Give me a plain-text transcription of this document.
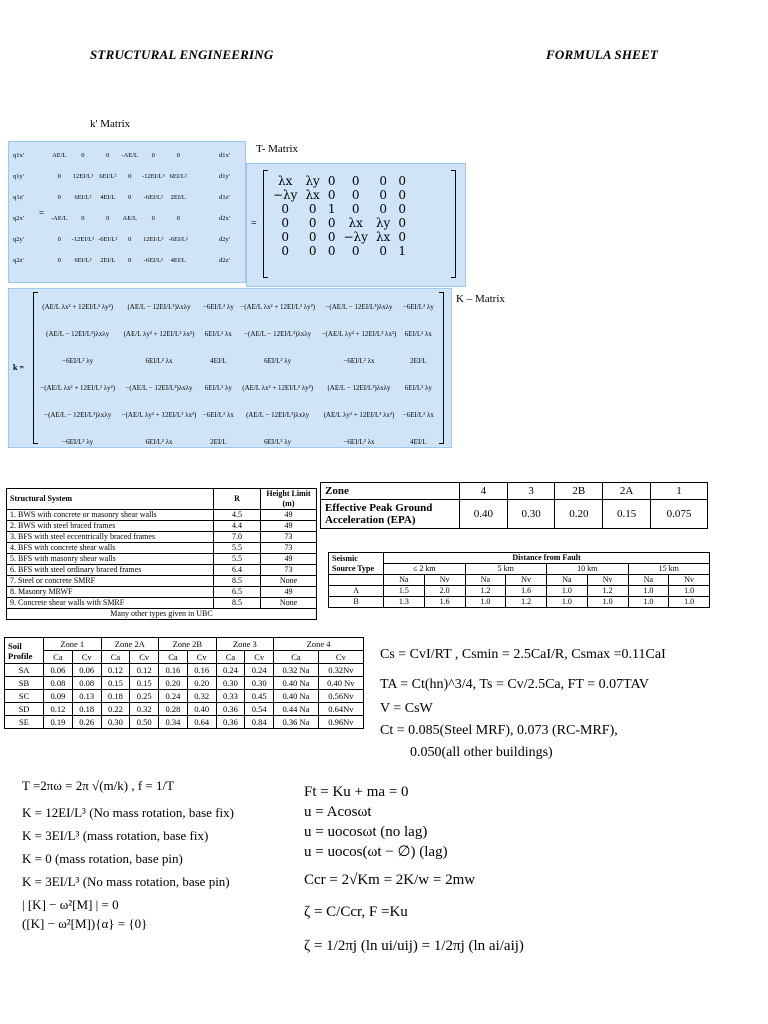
STRUCTURAL ENGINEERING	FORMULA SHEET
k' Matrix
q1x'
q1y'
q1z'
q2x'
q2y'
q2z'
=
AE/L	0	0	-AE/L	0	0
0	12EI/L³	6EI/L²	0	-12EI/L³	6EI/L²
0	6EI/L²	4EI/L	0	-6EI/L²	2EI/L
-AE/L	0	0	AE/L	0	0
0	-12EI/L³	-6EI/L²	0	12EI/L³	-6EI/L²
0	6EI/L²	2EI/L	0	-6EI/L²	4EI/L
d1x'
d1y'
d1z'
d2x'
d2y'
d2z'
T- Matrix
=
λx	λy	0	0	0	0
−λy	λx	0	0	0	0
0	0	1	0	0	0
0	0	0	λx	λy	0
0	0	0	−λy	λx	0
0	0	0	0	0	1
K – Matrix
k =
(AE/L λx² + 12EI/L³ λy²)	(AE/L − 12EI/L³)λxλy	−6EI/L² λy	−(AE/L λx² + 12EI/L³ λy²)	−(AE/L − 12EI/L³)λxλy	−6EI/L² λy
(AE/L − 12EI/L³)λxλy	(AE/L λy² + 12EI/L³ λx²)	6EI/L² λx	−(AE/L − 12EI/L³)λxλy	−(AE/L λy² + 12EI/L³ λx²)	6EI/L² λx
−6EI/L² λy	6EI/L² λx	4EI/L	6EI/L² λy	−6EI/L² λx	2EI/L
−(AE/L λx² + 12EI/L³ λy²)	−(AE/L − 12EI/L³)λxλy	6EI/L² λy	(AE/L λx² + 12EI/L³ λy²)	(AE/L − 12EI/L³)λxλy	6EI/L² λy
−(AE/L − 12EI/L³)λxλy	−(AE/L λy² + 12EI/L³ λx²)	−6EI/L² λx	(AE/L − 12EI/L³)λxλy	(AE/L λy² + 12EI/L³ λx²)	−6EI/L² λx
−6EI/L² λy	6EI/L² λx	2EI/L	6EI/L² λy	−6EI/L² λx	4EI/L
Structural System	R	Height Limit (m)
1. BWS with concrete or masonry shear walls	4.5	49
2. BWS with steel braced frames	4.4	49
3. BFS with steel eccentrically braced frames	7.0	73
4. BFS with concrete shear walls	5.5	73
5. BFS with masonry shear walls	5.5	49
6. BFS with steel ordinary braced frames	6.4	73
7. Steel or concrete SMRF	8.5	None
8. Masonry MRWF	6.5	49
9. Concrete shear walls with SMRF	8.5	None
Many other types given in UBC		
Zone	4	3	2B	2A	1
Effective Peak Ground Acceleration (EPA)	0.40	0.30	0.20	0.15	0.075
Seismic Source Type	Distance from Fault							
	≤ 2 km		5 km		10 km		15 km	
	Na	Nv	Na	Nv	Na	Nv	Na	Nv
A	1.5	2.0	1.2	1.6	1.0	1.2	1.0	1.0
B	1.3	1.6	1.0	1.2	1.0	1.0	1.0	1.0
Soil Profile	Zone 1		Zone 2A		Zone 2B		Zone 3		Zone 4	
	Ca	Cv	Ca	Cv	Ca	Cv	Ca	Cv	Ca	Cv
SA	0.06	0.06	0.12	0.12	0.16	0.16	0.24	0.24	0.32 Na	0.32Nv
SB	0.08	0.08	0.15	0.15	0.20	0.20	0.30	0.30	0.40 Na	0.40 Nv
SC	0.09	0.13	0.18	0.25	0.24	0.32	0.33	0.45	0.40 Na	0.56Nv
SD	0.12	0.18	0.22	0.32	0.28	0.40	0.36	0.54	0.44 Na	0.64Nv
SE	0.19	0.26	0.30	0.50	0.34	0.64	0.36	0.84	0.36 Na	0.96Nv
Cs = CvI/RT , Csmin = 2.5CaI/R, Csmax =0.11CaI
TA = Ct(hn)^3/4, Ts = Cv/2.5Ca, FT = 0.07TAV
V = CsW
Ct = 0.085(Steel MRF), 0.073 (RC-MRF),
0.050(all other buildings)
T =2πω = 2π √(m/k) , f = 1/T
K = 12EI/L³ (No mass rotation, base fix)
K = 3EI/L³ (mass rotation, base fix)
K = 0 (mass rotation, base pin)
K = 3EI/L³ (No mass rotation, base pin)
| [K] − ω²[M] | = 0
([K] − ω²[M]){α} = {0}
Ft = Ku + ma = 0
u = Acosωt
u = uocosωt (no lag)
u = uocos(ωt − ∅) (lag)
Ccr = 2√Km = 2K/w = 2mw
ζ = C/Ccr, F =Ku
ζ = 1/2πj (ln ui/uij) = 1/2πj (ln ai/aij)
